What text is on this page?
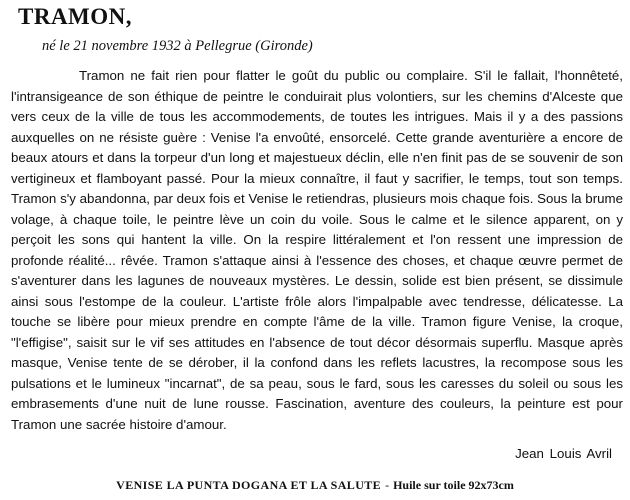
TRAMON,

né le 21 novembre 1932 à Pellegrue (Gironde)

Tramon ne fait rien pour flatter le goût du public ou complaire. S'il le fallait, l'honnêteté, l'intransigeance de son éthique de peintre le conduirait plus volontiers, sur les chemins d'Alceste que vers ceux de la ville de tous les accommodements, de toutes les intrigues. Mais il y a des passions auxquelles on ne résiste guère : Venise l'a envoûté, ensorcelé. Cette grande aventurière a encore de beaux atours et dans la torpeur d'un long et majestueux déclin, elle n'en finit pas de se souvenir de son vertigineux et flamboyant passé. Pour la mieux connaître, il faut y sacrifier, le temps, tout son temps. Tramon s'y abandonna, par deux fois et Venise le retiendras, plusieurs mois chaque fois. Sous la brume volage, à chaque toile, le peintre lève un coin du voile. Sous le calme et le silence apparent, on y perçoit les sons qui hantent la ville. On la respire littéralement et l'on ressent une impression de profonde réalité... rêvée. Tramon s'attaque ainsi à l'essence des choses, et chaque œuvre permet de s'aventurer dans les lagunes de nouveaux mystères. Le dessin, solide est bien présent, se dissimule ainsi sous l'estompe de la couleur. L'artiste frôle alors l'impalpable avec tendresse, délicatesse. La touche se libère pour mieux prendre en compte l'âme de la ville. Tramon figure Venise, la croque, "l'effigise", saisit sur le vif ses attitudes en l'absence de tout décor désormais superflu. Masque après masque, Venise tente de se dérober, il la confond dans les reflets lacustres, la recompose sous les pulsations et le lumineux "incarnat", de sa peau, sous le fard, sous les caresses du soleil ou sous les embrasements d'une nuit de lune rousse. Fascination, aventure des couleurs, la peinture est pour Tramon une sacrée histoire d'amour.

Jean Louis Avril
VENISE LA PUNTA DOGANA ET LA SALUTE - Huile sur toile 92x73cm
